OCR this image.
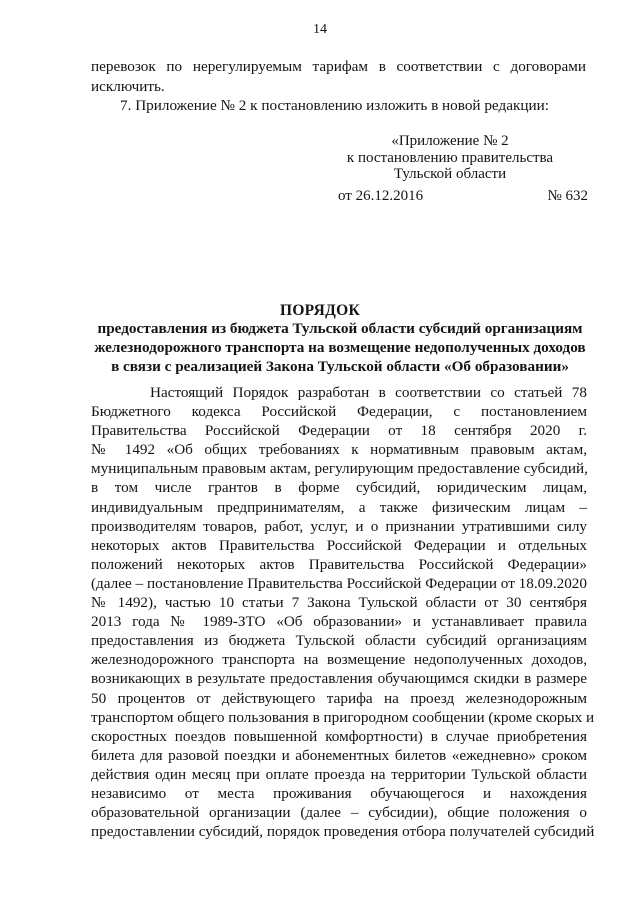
14
перевозок по нерегулируемым тарифам в соответствии с договорами
исключить.
7. Приложение № 2 к постановлению изложить в новой редакции:
«Приложение № 2
к постановлению правительства
Тульской области
от 26.12.2016	№ 632
ПОРЯДОК
предоставления из бюджета Тульской области субсидий организациям
железнодорожного транспорта на возмещение недополученных доходов
в связи с реализацией Закона Тульской области «Об образовании»
Настоящий Порядок разработан в соответствии со статьей 78
Бюджетного кодекса Российской Федерации, с постановлением
Правительства Российской Федерации от 18 сентября 2020 г.
№ 1492 «Об общих требованиях к нормативным правовым актам,
муниципальным правовым актам, регулирующим предоставление субсидий,
в том числе грантов в форме субсидий, юридическим лицам,
индивидуальным предпринимателям, а также физическим лицам –
производителям товаров, работ, услуг, и о признании утратившими силу
некоторых актов Правительства Российской Федерации и отдельных
положений некоторых актов Правительства Российской Федерации»
(далее – постановление Правительства Российской Федерации от 18.09.2020
№ 1492), частью 10 статьи 7 Закона Тульской области от 30 сентября
2013 года № 1989-ЗТО «Об образовании» и устанавливает правила
предоставления из бюджета Тульской области субсидий организациям
железнодорожного транспорта на возмещение недополученных доходов,
возникающих в результате предоставления обучающимся скидки в размере
50 процентов от действующего тарифа на проезд железнодорожным
транспортом общего пользования в пригородном сообщении (кроме скорых и
скоростных поездов повышенной комфортности) в случае приобретения
билета для разовой поездки и абонементных билетов «ежедневно» сроком
действия один месяц при оплате проезда на территории Тульской области
независимо от места проживания обучающегося и нахождения
образовательной организации (далее – субсидии), общие положения о
предоставлении субсидий, порядок проведения отбора получателей субсидий
